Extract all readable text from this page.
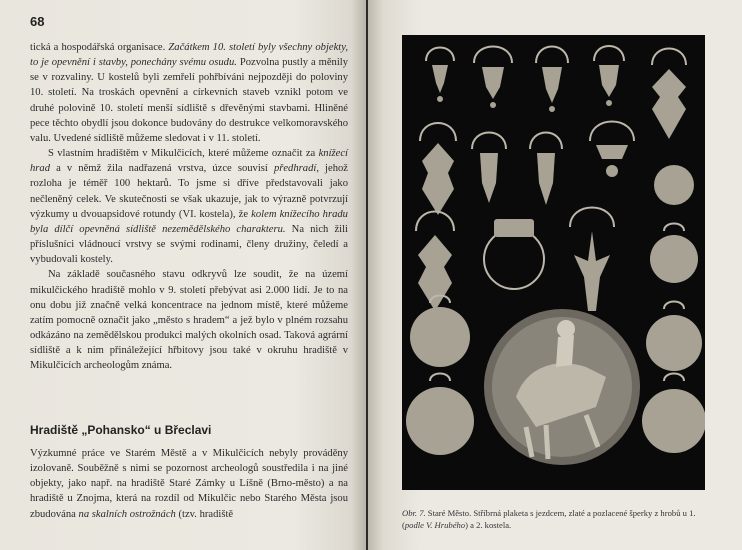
68

tická a hospodářská organisace. Začátkem 10. století byly všechny objekty, to je opevnění i stavby, ponechány svému osudu. Pozvolna pustly a měnily se v rozvaliny. U kostelů byli zemřelí pohřbíváni nejpozději do poloviny 10. století. Na troskách opevnění a církevních staveb vznikl potom ve druhé polovině 10. století menší sídliště s dřevěnými stavbami. Hliněné pece těchto obydlí jsou dokonce budovány do destrukce velkomoravského valu. Uvedené sídliště můžeme sledovat i v 11. století.

S vlastním hradištěm v Mikulčicích, které můžeme označit za knížecí hrad a v němž žila nadřazená vrstva, úzce souvisí předhradí, jehož rozloha je téměř 100 hektarů. To jsme si dříve představovali jako nečleněný celek. Ve skutečnosti se však ukazuje, jak to výrazně potvrzují výzkumy u dvouapsidové rotundy (VI. kostela), že kolem knížecího hradu byla dílčí opevněná sídliště nezemědělského charakteru. Na nich žili příslušníci vládnoucí vrstvy se svými rodinami, členy družiny, čeledí a vybudovali kostely.

Na základě současného stavu odkryvů lze soudit, že na území mikulčického hradiště mohlo v 9. století přebývat asi 2.000 lidí. Je to na onu dobu již značně velká koncentrace na jednom místě, které můžeme zatím pomocně označit jako „město s hradem“ a jež bylo v plném rozsahu odkázáno na zemědělskou produkci malých okolních osad. Taková agrární sídliště a k nim přináležející hřbitovy jsou také v okruhu hradiště v Mikulčicích archeologům známa.

Hradiště „Pohansko“ u Břeclavi

Výzkumné práce ve Starém Městě a v Mikulčicích nebyly prováděny izolovaně. Souběžně s nimi se pozornost archeologů soustředila i na jiné objekty, jako např. na hradiště Staré Zámky u Líšně (Brno-město) a na hradiště u Znojma, která na rozdíl od Mikulčic nebo Starého Města jsou zbudována na skalních ostrožnách (tzv. hradiště	Obr. 7. Staré Město. Stříbrná plaketa s jezdcem, zlaté a pozlacené šperky z hrobů u 1. (podle V. Hrubého) a 2. kostela.
